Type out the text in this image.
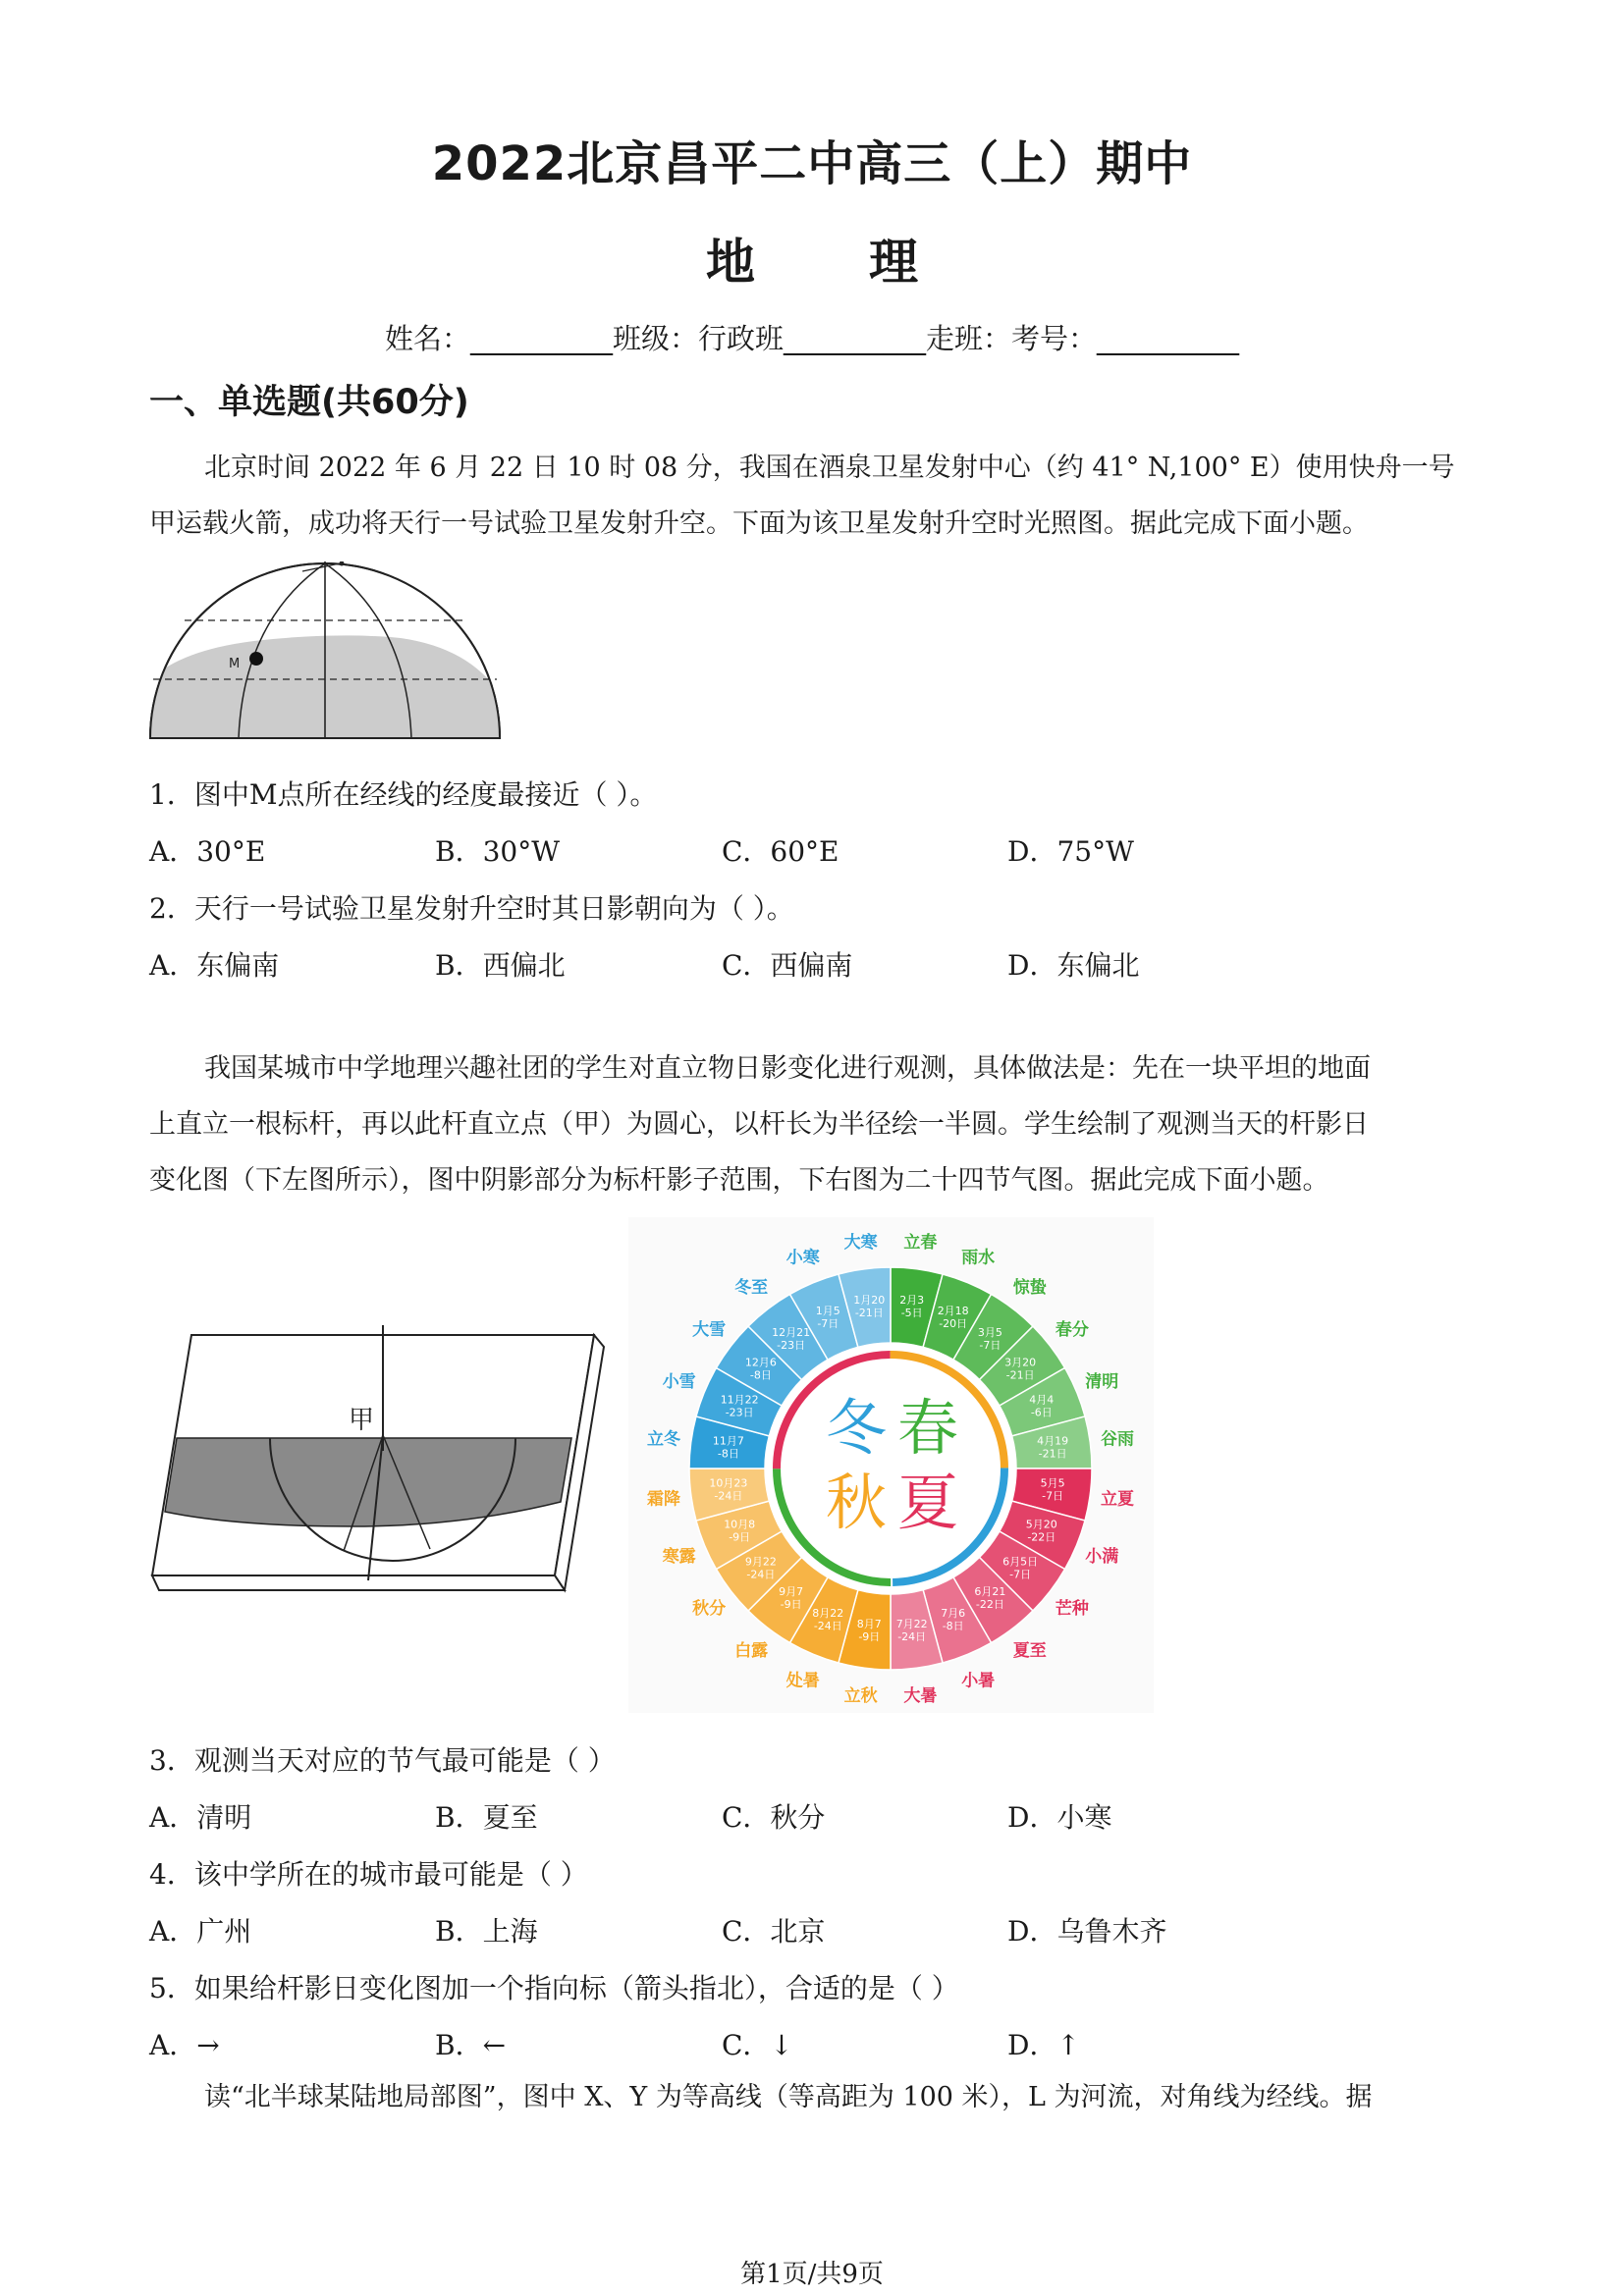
2022北京昌平二中高三（上）期中
地 理
姓名：__________班级：行政班__________走班：考号：__________
一、单选题(共60分)
北京时间 2022 年 6 月 22 日 10 时 08 分，我国在酒泉卫星发射中心（约 41° N,100° E）使用快舟一号
甲运载火箭，成功将天行一号试验卫星发射升空。下面为该卫星发射升空时光照图。据此完成下面小题。
M
1．图中M点所在经线的经度最接近（ ）。
A．30°E	B．30°W	C．60°E	D．75°W
2．天行一号试验卫星发射升空时其日影朝向为（ ）。
A．东偏南	B．西偏北	C．西偏南	D．东偏北
我国某城市中学地理兴趣社团的学生对直立物日影变化进行观测，具体做法是：先在一块平坦的地面
上直立一根标杆，再以此杆直立点（甲）为圆心，以杆长为半径绘一半圆。学生绘制了观测当天的杆影日
变化图（下左图所示），图中阴影部分为标杆影子范围，下右图为二十四节气图。据此完成下面小题。
甲	冬 春
秋 夏
2月3 -5日
立春
2月18 -20日
雨水
3月5 -7日
惊蛰
3月20 -21日
春分
4月4 -6日
清明
4月19 -21日
谷雨
5月5 -7日 立夏
5月20 -22日
小满
6月5日-7日
芒种
6月21 -22日
夏至
7月6 -8日
小暑
7月22 -24日
大暑
8月7 -9日
立秋
8月22 -24日
处暑
9月7 -9日
白露
9月22 -24日
秋分
10月8 -9日
寒露
10月23 -24日
霜降
11月7 -8日
立冬
11月22 -23日
小雪
12月6 -8日
大雪	12月21 -23日
冬至
1月5 -7日
小寒
1月20 -21日
大寒
3．观测当天对应的节气最可能是（ ）
A．清明	B．夏至	C．秋分	D．小寒
4．该中学所在的城市最可能是（ ）
A．广州	B．上海	C．北京	D．乌鲁木齐
5．如果给杆影日变化图加一个指向标（箭头指北），合适的是（ ）
A．→	B．←	C．↓	D．↑
读“北半球某陆地局部图”，图中 X、Y 为等高线（等高距为 100 米），L 为河流，对角线为经线。据
第1页/共9页
